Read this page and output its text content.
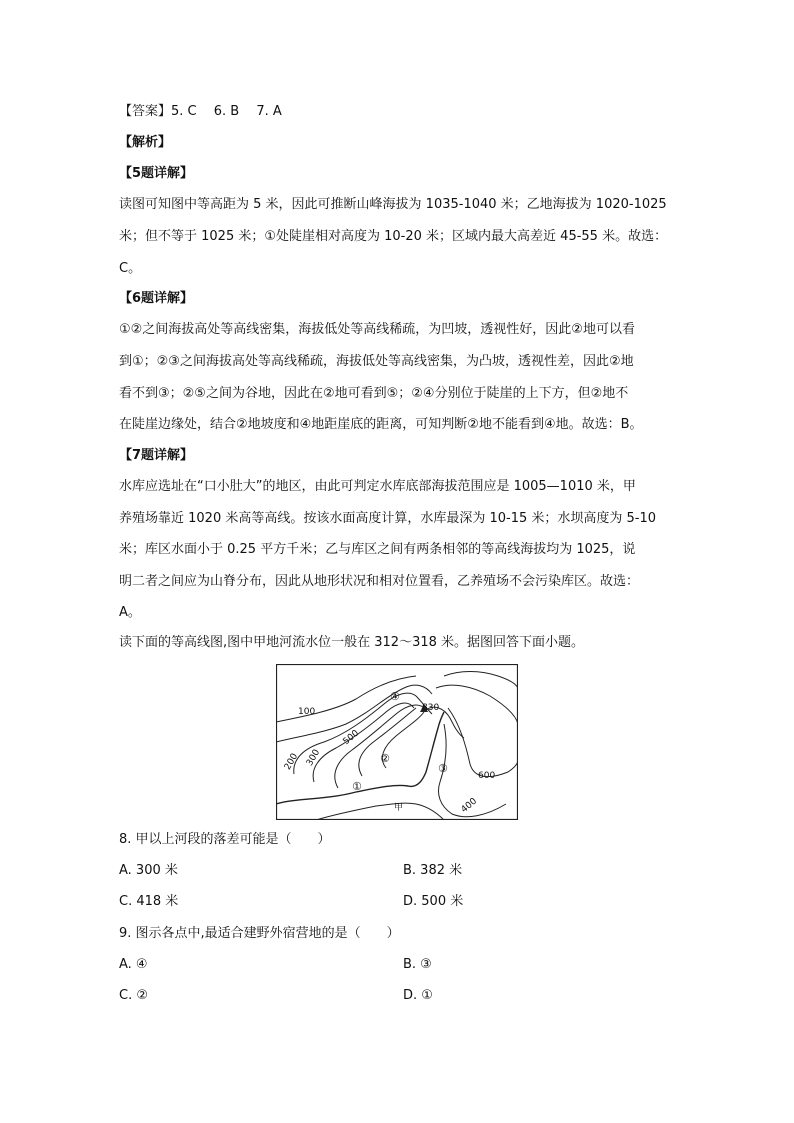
【答案】5. C　 6. B　 7. A
【解析】
【5题详解】
读图可知图中等高距为 5 米，因此可推断山峰海拔为 1035-1040 米；乙地海拔为 1020-1025
米；但不等于 1025 米；①处陡崖相对高度为 10-20 米；区域内最大高差近 45-55 米。故选：
C。
【6题详解】
①②之间海拔高处等高线密集，海拔低处等高线稀疏，为凹坡，透视性好，因此②地可以看
到①；②③之间海拔高处等高线稀疏，海拔低处等高线密集，为凸坡，透视性差，因此②地
看不到③；②⑤之间为谷地，因此在②地可看到⑤；②④分别位于陡崖的上下方，但②地不
在陡崖边缘处，结合②地坡度和④地距崖底的距离，可知判断②地不能看到④地。故选：B。
【7题详解】
水库应选址在“口小肚大”的地区，由此可判定水库底部海拔范围应是 1005—1010 米，甲
养殖场靠近 1020 米高等高线。按该水面高度计算，水库最深为 10-15 米；水坝高度为 5-10
米；库区水面小于 0.25 平方千米；乙与库区之间有两条相邻的等高线海拔均为 1025，说
明二者之间应为山脊分布，因此从地形状况和相对位置看，乙养殖场不会污染库区。故选：
A。
读下面的等高线图,图中甲地河流水位一般在 312～318 米。据图回答下面小题。
100
200 300
400
500
600
830
①
②
③
④
甲
8. 甲以上河段的落差可能是（　　）
A. 300 米	B. 382 米
C. 418 米	D. 500 米
9. 图示各点中,最适合建野外宿营地的是（　　）
A. ④	B. ③
C. ②	D. ①
